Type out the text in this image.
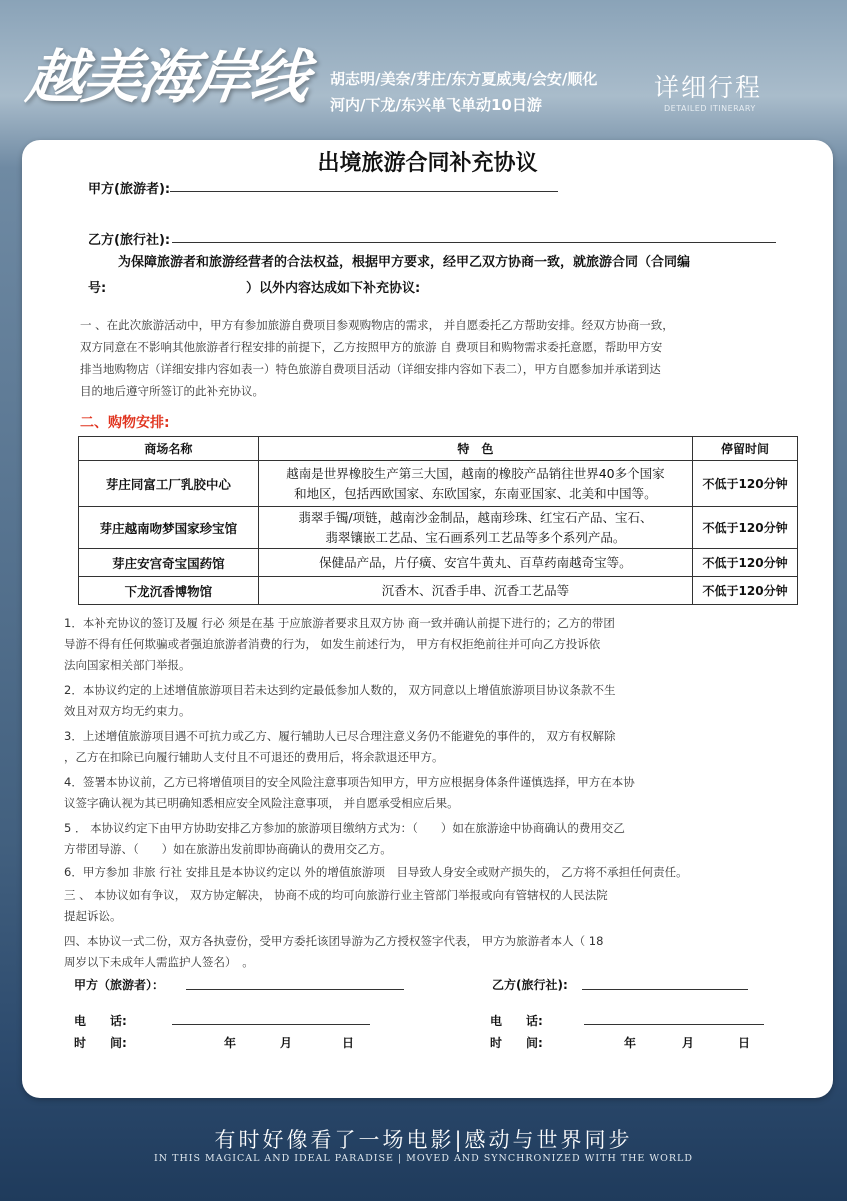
越美海岸线 胡志明/美奈/芽庄/东方夏威夷/会安/顺化
河内/下龙/东兴单飞单动10日游
详细行程
DETAILED ITINERARY
出境旅游合同补充协议
甲方(旅游者):
乙方(旅行社):
为保障旅游者和旅游经营者的合法权益，根据甲方要求，经甲乙双方协商一致，就旅游合同（合同编
号:	）以外内容达成如下补充协议:
一 、在此次旅游活动中，甲方有参加旅游自费项目参观购物店的需求， 并自愿委托乙方帮助安排。经双方协商一致，
双方同意在不影响其他旅游者行程安排的前提下，乙方按照甲方的旅游 自 费项目和购物需求委托意愿，帮助甲方安
排当地购物店（详细安排内容如表一）特色旅游自费项目活动（详细安排内容如下表二），甲方自愿参加并承诺到达
目的地后遵守所签订的此补充协议。
二、购物安排:
商场名称	特　色	停留时间
芽庄同富工厂乳胶中心	越南是世界橡胶生产第三大国，越南的橡胶产品销往世界40多个国家
和地区，包括西欧国家、东欧国家，东南亚国家、北美和中国等。	不低于120分钟
芽庄越南吻梦国家珍宝馆	翡翠手镯/项链，越南沙金制品，越南珍珠、红宝石产品、宝石、
翡翠镶嵌工艺品、宝石画系列工艺品等多个系列产品。	不低于120分钟
芽庄安宫奇宝国药馆	保健品产品，片仔癀、安宫牛黄丸、百草药南越奇宝等。	不低于120分钟
下龙沉香博物馆	沉香木、沉香手串、沉香工艺品等	不低于120分钟
1．本补充协议的签订及履 行必 须是在基 于应旅游者要求且双方协 商一致并确认前提下进行的；乙方的带团
导游不得有任何欺骗或者强迫旅游者消费的行为， 如发生前述行为， 甲方有权拒绝前往并可向乙方投诉依
法向国家相关部门举报。
2．本协议约定的上述增值旅游项目若未达到约定最低参加人数的， 双方同意以上增值旅游项目协议条款不生
效且对双方均无约束力。
3．上述增值旅游项目遇不可抗力或乙方、履行辅助人已尽合理注意义务仍不能避免的事件的， 双方有权解除
，乙方在扣除已向履行辅助人支付且不可退还的费用后，将余款退还甲方。
4．签署本协议前，乙方已将增值项目的安全风险注意事项告知甲方，甲方应根据身体条件谨慎选择，甲方在本协
议签字确认视为其已明确知悉相应安全风险注意事项， 并自愿承受相应后果。
5 ． 本协议约定下由甲方协助安排乙方参加的旅游项目缴纳方式为：（　　）如在旅游途中协商确认的费用交乙
方带团导游、（　　）如在旅游出发前即协商确认的费用交乙方。
6．甲方参加 非旅 行社 安排且是本协议约定以 外的增值旅游项　目导致人身安全或财产损失的， 乙方将不承担任何责任。
三 、 本协议如有争议， 双方协定解决， 协商不成的均可向旅游行业主管部门举报或向有管辖权的人民法院
提起诉讼。
四、本协议一式二份，双方各执壹份，受甲方委托该团导游为乙方授权签字代表， 甲方为旅游者本人（ 18
周岁以下未成年人需监护人签名）　。
甲方（旅游者）：	乙方(旅行社):
电　　话:	电　　话:
时　　间:	年	月	日	时　　间:	年	月	日
有时好像看了一场电影|感动与世界同步
IN THIS MAGICAL AND IDEAL PARADISE | MOVED AND SYNCHRONIZED WITH THE WORLD
